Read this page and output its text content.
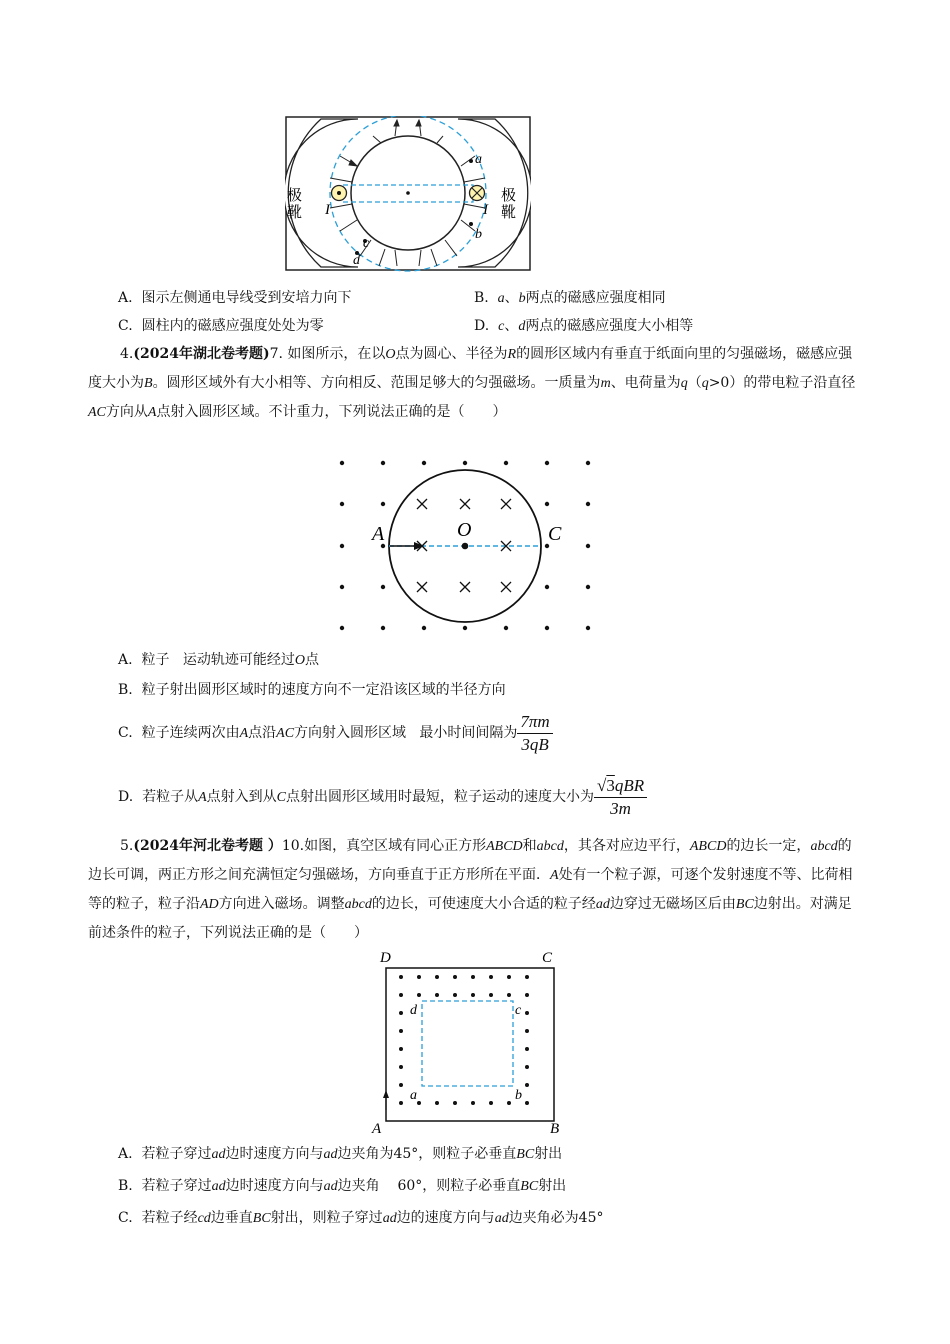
极靴	极靴
a
b
c
d
I	I
A. 图示左侧通电导线受到安培力向下	B. a、b两点的磁感应强度相同
C. 圆柱内的磁感应强度处处为零	D. c、d两点的磁感应强度大小相等
4.(2024年湖北卷考题)7. 如图所示，在以O点为圆心、半径为R的圆形区域内有垂直于纸面向里的匀强磁场，磁感应强度大小为B。圆形区域外有大小相等、方向相反、范围足够大的匀强磁场。一质量为m、电荷量为q（q>0）的带电粒子沿直径AC方向从A点射入圆形区域。不计重力，下列说法正确的是（　　）
A	O	C
A. 粒子 运动轨迹可能经过O点
B. 粒子射出圆形区域时的速度方向不一定沿该区域的半径方向
C. 粒子连续两次由A点沿AC方向射入圆形区域 最小时间间隔为 $\frac{7\pi m}{3qB}$
D. 若粒子从A点射入到从C点射出圆形区域用时最短，粒子运动的速度大小为 $\frac{\text{√3qBR}}{3m}$
5.(2024年河北卷考题 ）10.如图，真空区域有同心正方形ABCD和abcd，其各对应边平行，ABCD的边长一定，abcd的边长可调，两正方形之间充满恒定匀强磁场，方向垂直于正方形所在平面．A处有一个粒子源，可逐个发射速度不等、比荷相等的粒子，粒子沿AD方向进入磁场。调整abcd的边长，可使速度大小合适的粒子经ad边穿过无磁场区后由BC边射出。对满足前述条件的粒子，下列说法正确的是（　　）
D	C
A	B
d	c
a	b
A. 若粒子穿过ad边时速度方向与ad边夹角为45°，则粒子必垂直BC射出
B. 若粒子穿过ad边时速度方向与ad边夹角 60°，则粒子必垂直BC射出
C. 若粒子经cd边垂直BC射出，则粒子穿过ad边的速度方向与ad边夹角必为45°
